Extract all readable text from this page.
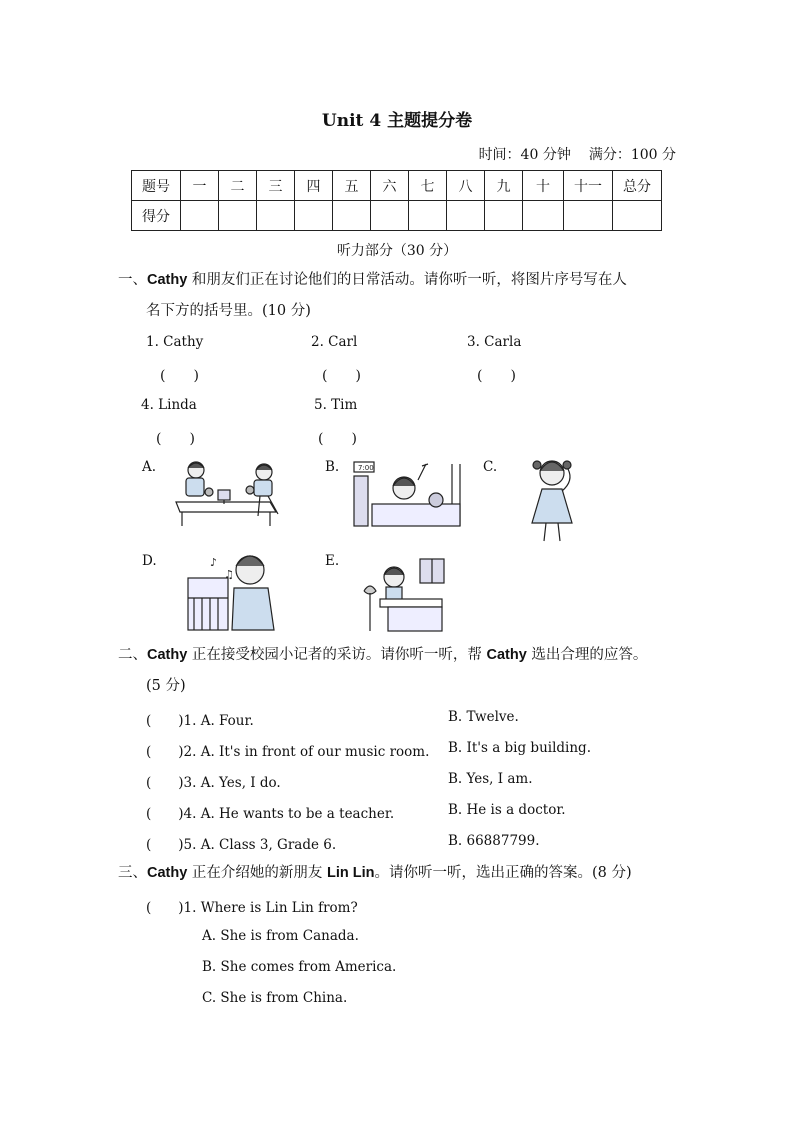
Unit 4 主题提分卷
时间：40 分钟 满分：100 分
题号	一	二	三	四	五	六	七	八	九	十	十一	总分
得分												
听力部分（30 分）
一、Cathy 和朋友们正在讨论他们的日常活动。请你听一听，将图片序号写在人
名下方的括号里。(10 分)
1. Cathy	2. Carl	3. Carla
(　　)	(　　)	(　　)
4. Linda	5. Tim
(　　)	(　　)
A.	B.	C.
D.	E.
7:00
♪
♫
二、Cathy 正在接受校园小记者的采访。请你听一听，帮 Cathy 选出合理的应答。
(5 分)
(　　)1. A. Four.	B. Twelve.
(　　)2. A. It's in front of our music room. B. It's a big building.
(　　)3. A. Yes, I do.	B. Yes, I am.
(　　)4. A. He wants to be a teacher.	B. He is a doctor.
(　　)5. A. Class 3, Grade 6.	B. 66887799.
三、Cathy 正在介绍她的新朋友 Lin Lin。请你听一听，选出正确的答案。(8 分)
(　　)1. Where is Lin Lin from?
A. She is from Canada.
B. She comes from America.
C. She is from China.
